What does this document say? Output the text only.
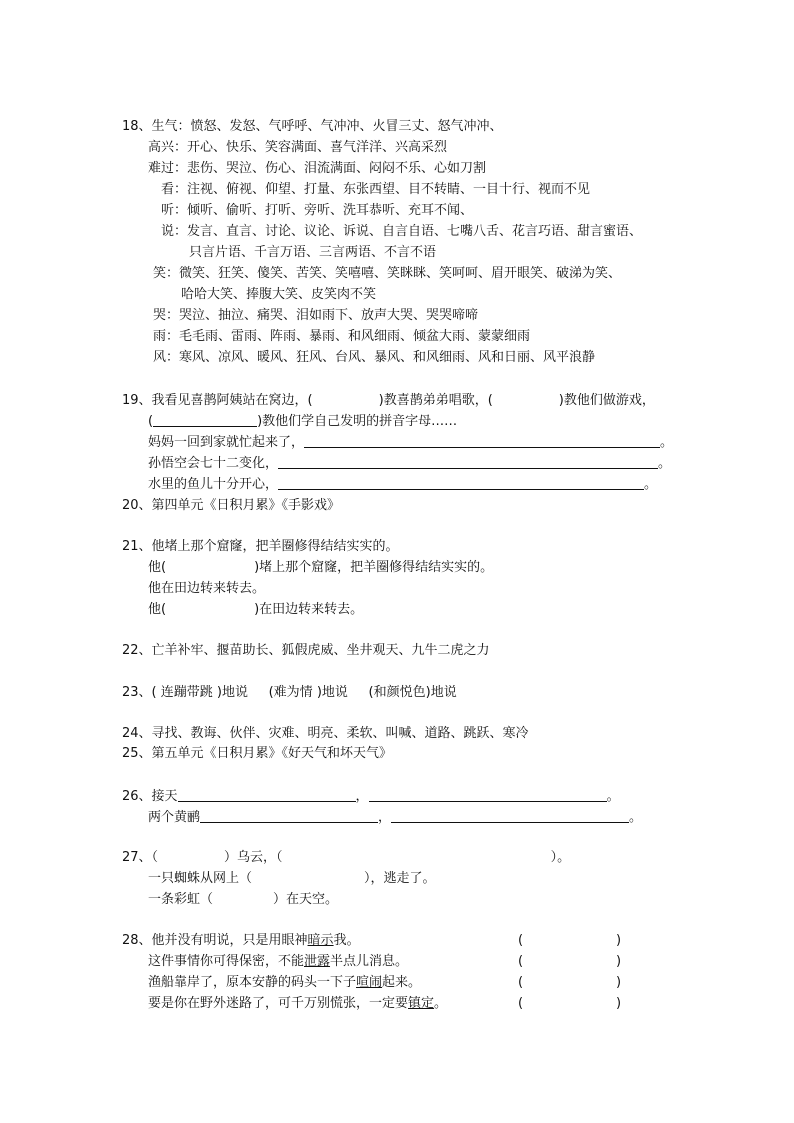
18、生气：愤怒、发怒、气呼呼、气冲冲、火冒三丈、怒气冲冲、
高兴：开心、快乐、笑容满面、喜气洋洋、兴高采烈
难过：悲伤、哭泣、伤心、泪流满面、闷闷不乐、心如刀割
看：注视、俯视、仰望、打量、东张西望、目不转睛、一目十行、视而不见
听：倾听、偷听、打听、旁听、洗耳恭听、充耳不闻、
说：发言、直言、讨论、议论、诉说、自言自语、七嘴八舌、花言巧语、甜言蜜语、
只言片语、千言万语、三言两语、不言不语
笑：微笑、狂笑、傻笑、苦笑、笑嘻嘻、笑眯眯、笑呵呵、眉开眼笑、破涕为笑、
哈哈大笑、捧腹大笑、皮笑肉不笑
哭：哭泣、抽泣、痛哭、泪如雨下、放声大哭、哭哭啼啼
雨：毛毛雨、雷雨、阵雨、暴雨、和风细雨、倾盆大雨、蒙蒙细雨
风：寒风、凉风、暖风、狂风、台风、暴风、和风细雨、风和日丽、风平浪静
19、我看见喜鹊阿姨站在窝边，(	)教喜鹊弟弟唱歌，(	)教他们做游戏，
(	)教他们学自己发明的拼音字母……
妈妈一回到家就忙起来了，	。
孙悟空会七十二变化，	。
水里的鱼儿十分开心，	。
20、第四单元《日积月累》《手影戏》
21、他堵上那个窟窿，把羊圈修得结结实实的。
他(	)堵上那个窟窿，把羊圈修得结结实实的。
他在田边转来转去。
他(	)在田边转来转去。
22、亡羊补牢、揠苗助长、狐假虎威、坐井观天、九牛二虎之力
23、( 连蹦带跳 )地说     (难为情 )地说     (和颜悦色)地说
24、寻找、教诲、伙伴、灾难、明亮、柔软、叫喊、道路、跳跃、寒冷
25、第五单元《日积月累》《好天气和坏天气》
26、接天	，	。
两个黄鹂	，	。
27、（	）乌云，（	）。
一只蜘蛛从网上（	），逃走了。
一条彩虹（	）在天空。
28、他并没有明说，只是用眼神暗示我。
这件事情你可得保密，不能泄露半点儿消息。
渔船靠岸了，原本安静的码头一下子喧闹起来。
要是你在野外迷路了，可千万别慌张，一定要镇定。
(	)
(	)
(	)
(	)
